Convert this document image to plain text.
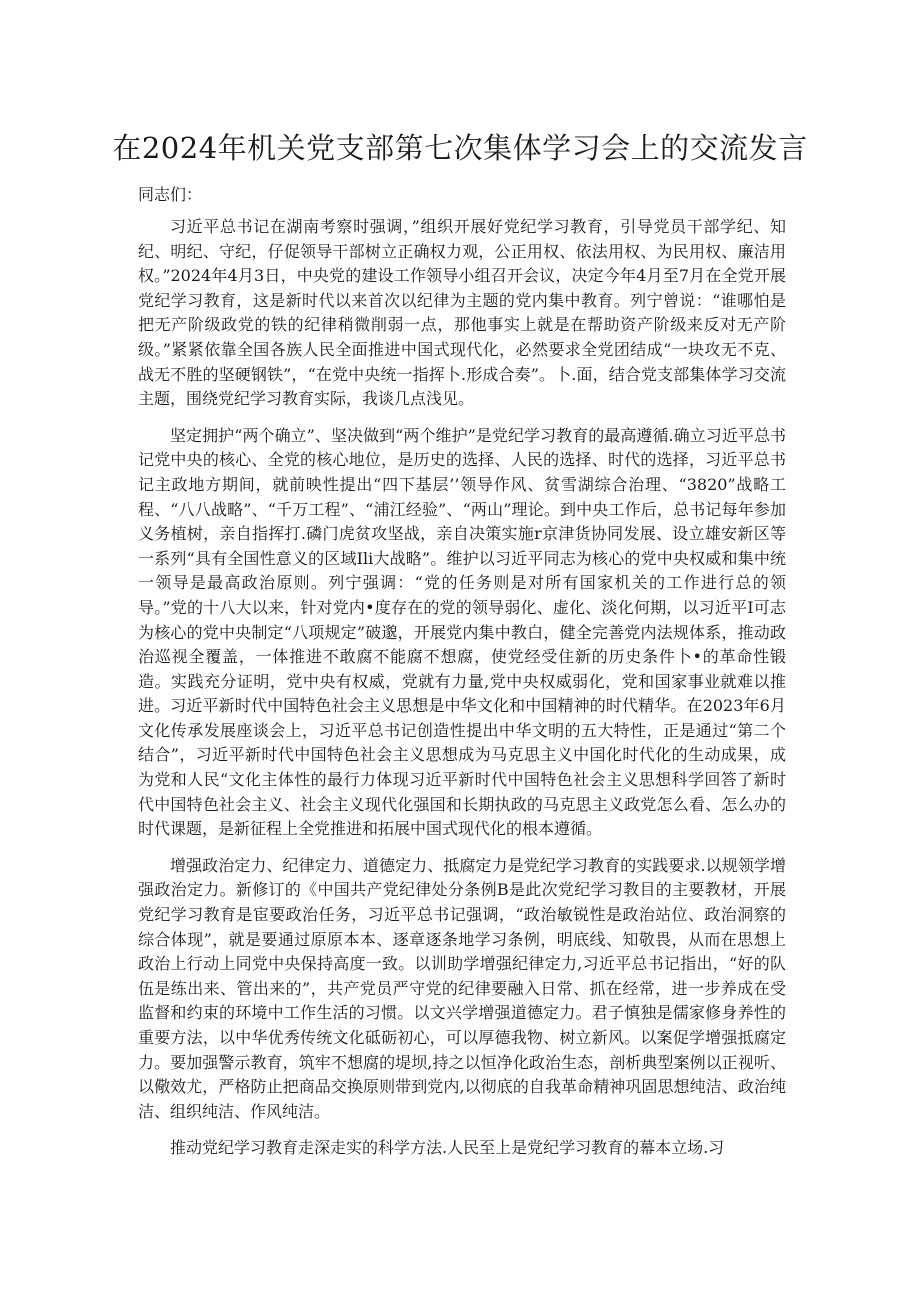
在2024年机关党支部第七次集体学习会上的交流发言

同志们：

习近平总书记在湖南考察时强调，”组织开展好党纪学习教育，引导党员干部学纪、知纪、明纪、守纪，仔促领导干部树立正确权力观，公正用权、依法用权、为民用权、廉洁用权。”2024年4月3日，中央党的建设工作领导小组召开会议，决定今年4月至7月在全党开展党纪学习教育，这是新时代以来首次以纪律为主题的党内集中教育。列宁曾说：“谁哪怕是把无产阶级政党的铁的纪律稍微削弱一点，那他事实上就是在帮助资产阶级来反对无产阶级。”紧紧依靠全国各族人民全面推进中国式现代化，必然要求全党团结成“一块攻无不克、战无不胜的坚硬钢铁”，“在党中央统一指挥卜.形成合奏”。卜.面，结合党支部集体学习交流主题，围绕党纪学习教育实际，我谈几点浅见。

坚定拥护“两个确立”、坚决做到“两个维护”是党纪学习教育的最高遵循.确立习近平总书记党中央的核心、全党的核心地位，是历史的选择、人民的选择、时代的选择，习近平总书记主政地方期间，就前映性提出“四下基层’’领导作风、贫雪湖综合治理、“3820”战略工程、“八八战略”、“千万工程”、“浦江经验”、“两山”理论。到中央工作后，总书记每年参加义务植树，亲自指挥打.磷门虎贫攻坚战，亲自决策实施r京津货协同发展、设立雄安新区等一系列“具有全国性意义的区域Ili大战略”。维护以习近平同志为核心的党中央权威和集中统一领导是最高政治原则。列宁强调：“党的任务则是对所有国家机关的工作进行总的领导。”党的十八大以来，针对党内•度存在的党的领导弱化、虚化、淡化何期，以习近平I可志为核心的党中央制定“八项规定”破邈，开展党内集中教白，健全完善党内法规体系，推动政治巡视全覆盖，一体推进不敢腐不能腐不想腐，使党经受住新的历史条件卜•的革命性锻造。实践充分证明，党中央有权威，党就有力量,党中央权威弱化，党和国家事业就难以推进。习近平新时代中国特色社会主义思想是中华文化和中国精神的时代精华。在2023年6月文化传承发展座谈会上，习近平总书记创造性提出中华文明的五大特性，正是通过“第二个结合”，习近平新时代中国特色社会主义思想成为马克思主义中国化时代化的生动成果，成为党和人民“文化主体性的最行力体现习近平新时代中国特色社会主义思想科学回答了新时代中国特色社会主义、社会主义现代化强国和长期执政的马克思主义政党怎么看、怎么办的时代课题，是新征程上全党推进和拓展中国式现代化的根本遵循。

增强政治定力、纪律定力、道德定力、抵腐定力是党纪学习教育的实践要求.以规领学增强政治定力。新修订的《中国共产党纪律处分条例B是此次党纪学习教目的主要教材，开展党纪学习教育是宦要政治任务，习近平总书记强调，“政治敏锐性是政治站位、政治洞察的综合体现”，就是要通过原原本本、逐章逐条地学习条例，明底线、知敬畏，从而在思想上政治上行动上同党中央保持高度一致。以训助学增强纪律定力,习近平总书记指出，“好的队伍是练出来、管出来的”，共产党员严守党的纪律要融入日常、抓在经常，进一步养成在受监督和约束的环境中工作生活的习惯。以文兴学增强道德定力。君子慎独是儒家修身养性的重要方法，以中华优秀传统文化砥砺初心，可以厚德我物、树立新风。以案促学增强抵腐定力。要加强警示教育，筑牢不想腐的堤坝,持之以恒净化政治生态，剖析典型案例以正视听、以儆效尤，严格防止把商品交换原则带到党内,以彻底的自我革命精神巩固思想纯洁、政治纯洁、组织纯洁、作风纯洁。

推动党纪学习教育走深走实的科学方法.人民至上是党纪学习教育的幕本立场.习
